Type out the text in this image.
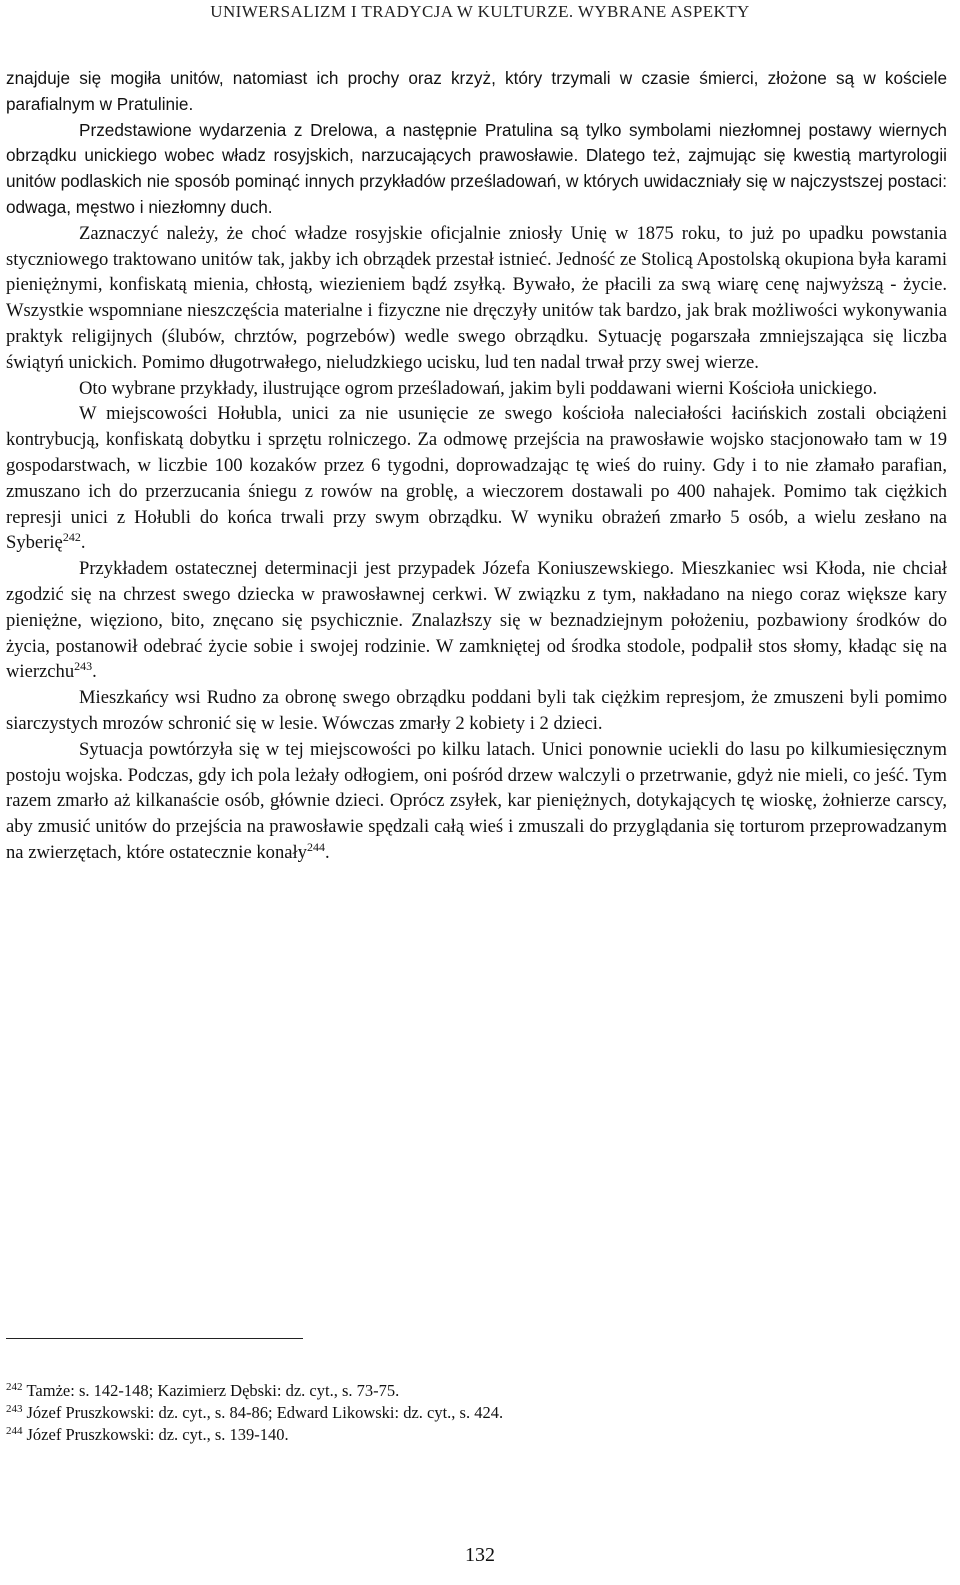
UNIWERSALIZM I TRADYCJA W KULTURZE. WYBRANE ASPEKTY

znajduje się mogiła unitów, natomiast ich prochy oraz krzyż, który trzymali w czasie śmierci, złożone są w kościele parafialnym w Pratulinie.

Przedstawione wydarzenia z Drelowa, a następnie Pratulina są tylko symbolami niezłomnej postawy wiernych obrządku unickiego wobec władz rosyjskich, narzucających prawosławie. Dlatego też, zajmując się kwestią martyrologii unitów podlaskich nie sposób pominąć innych przykładów prześladowań, w których uwidaczniały się w najczystszej postaci: odwaga, męstwo i niezłomny duch.

Zaznaczyć należy, że choć władze rosyjskie oficjalnie zniosły Unię w 1875 roku, to już po upadku powstania styczniowego traktowano unitów tak, jakby ich obrządek przestał istnieć. Jedność ze Stolicą Apostolską okupiona była karami pieniężnymi, konfiskatą mienia, chłostą, wiezieniem bądź zsyłką. Bywało, że płacili za swą wiarę cenę najwyższą - życie. Wszystkie wspomniane nieszczęścia materialne i fizyczne nie dręczyły unitów tak bardzo, jak brak możliwości wykonywania praktyk religijnych (ślubów, chrztów, pogrzebów) wedle swego obrządku. Sytuację pogarszała zmniejszająca się liczba świątyń unickich. Pomimo długotrwałego, nieludzkiego ucisku, lud ten nadal trwał przy swej wierze.

Oto wybrane przykłady, ilustrujące ogrom prześladowań, jakim byli poddawani wierni Kościoła unickiego.

W miejscowości Hołubla, unici za nie usunięcie ze swego kościoła naleciałości łacińskich zostali obciążeni kontrybucją, konfiskatą dobytku i sprzętu rolniczego. Za odmowę przejścia na prawosławie wojsko stacjonowało tam w 19 gospodarstwach, w liczbie 100 kozaków przez 6 tygodni, doprowadzając tę wieś do ruiny. Gdy i to nie złamało parafian, zmuszano ich do przerzucania śniegu z rowów na groblę, a wieczorem dostawali po 400 nahajek. Pomimo tak ciężkich represji unici z Hołubli do końca trwali przy swym obrządku. W wyniku obrażeń zmarło 5 osób, a wielu zesłano na Syberię$^{242}$.

Przykładem ostatecznej determinacji jest przypadek Józefa Koniuszewskiego. Mieszkaniec wsi Kłoda, nie chciał zgodzić się na chrzest swego dziecka w prawosławnej cerkwi. W związku z tym, nakładano na niego coraz większe kary pieniężne, więziono, bito, znęcano się psychicznie. Znalazłszy się w beznadziejnym położeniu, pozbawiony środków do życia, postanowił odebrać życie sobie i swojej rodzinie. W zamkniętej od środka stodole, podpalił stos słomy, kładąc się na wierzchu$^{243}$.

Mieszkańcy wsi Rudno za obronę swego obrządku poddani byli tak ciężkim represjom, że zmuszeni byli pomimo siarczystych mrozów schronić się w lesie. Wówczas zmarły 2 kobiety i 2 dzieci.

Sytuacja powtórzyła się w tej miejscowości po kilku latach. Unici ponownie uciekli do lasu po kilkumiesięcznym postoju wojska. Podczas, gdy ich pola leżały odłogiem, oni pośród drzew walczyli o przetrwanie, gdyż nie mieli, co jeść. Tym razem zmarło aż kilkanaście osób, głównie dzieci. Oprócz zsyłek, kar pieniężnych, dotykających tę wioskę, żołnierze carscy, aby zmusić unitów do przejścia na prawosławie spędzali całą wieś i zmuszali do przyglądania się torturom przeprowadzanym na zwierzętach, które ostatecznie konały$^{244}$.

$^{242}$ Tamże: s. 142-148; Kazimierz Dębski: dz. cyt., s. 73-75.
$^{243}$ Józef Pruszkowski: dz. cyt., s. 84-86; Edward Likowski: dz. cyt., s. 424.
$^{244}$ Józef Pruszkowski: dz. cyt., s. 139-140.
132
